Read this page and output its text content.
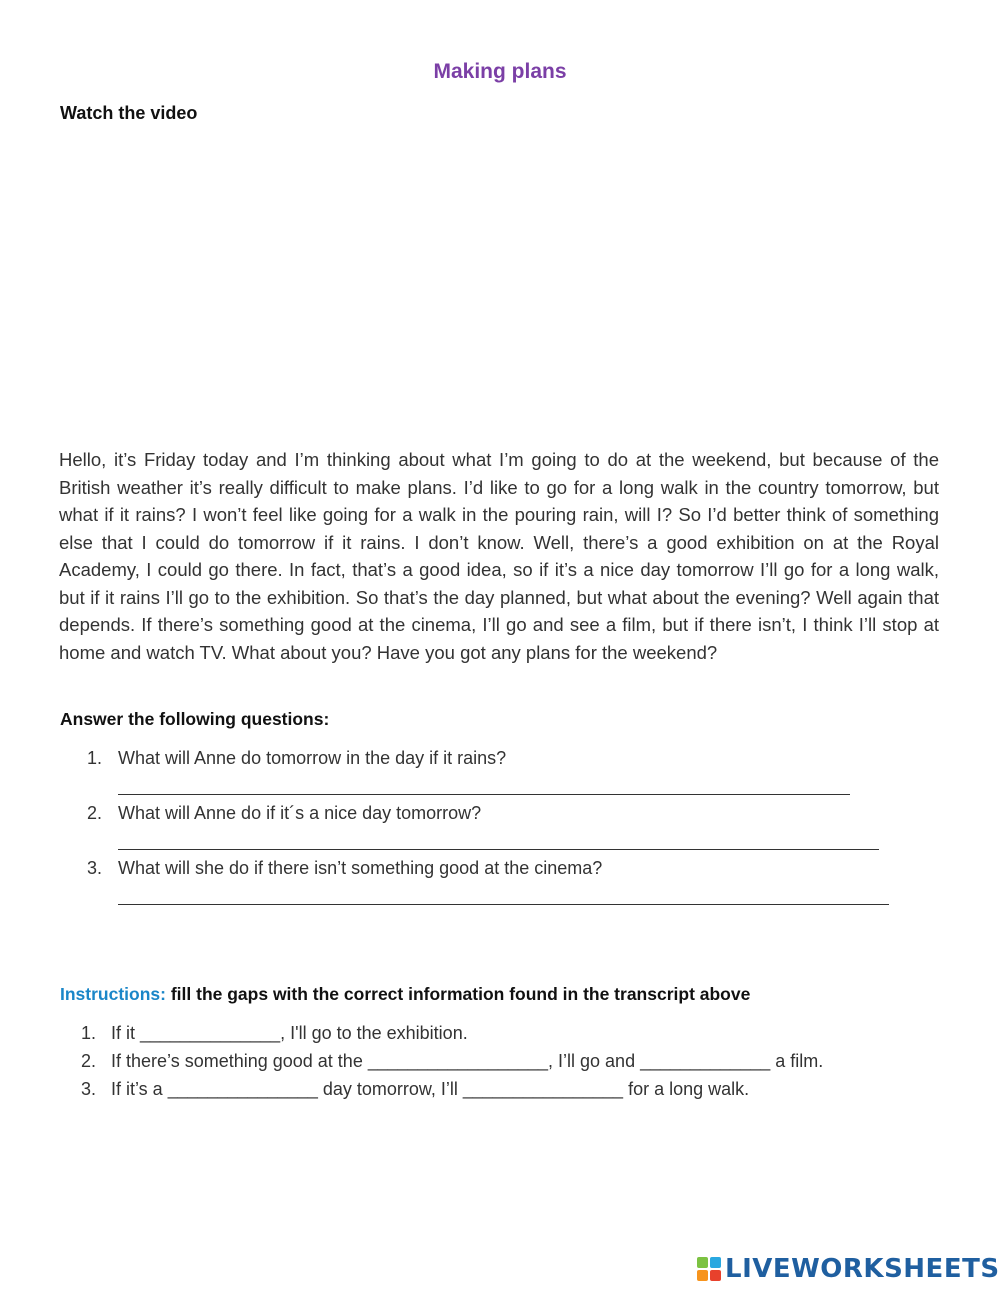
Making plans
Watch the video
Hello, it’s Friday today and I’m thinking about what I’m going to do at the weekend, but because of the British weather it’s really difficult to make plans. I’d like to go for a long walk in the country tomorrow, but what if it rains? I won’t feel like going for a walk in the pouring rain, will I? So I’d better think of something else that I could do tomorrow if it rains. I don’t know. Well, there’s a good exhibition on at the Royal Academy, I could go there. In fact, that’s a good idea, so if it’s a nice day tomorrow I’ll go for a long walk, but if it rains I’ll go to the exhibition. So that’s the day planned, but what about the evening? Well again that depends. If there’s something good at the cinema, I’ll go and see a film, but if there isn’t, I think I’ll stop at home and watch TV. What about you? Have you got any plans for the weekend?
Answer the following questions:
1. What will Anne do tomorrow in the day if it rains?
2. What will Anne do if it´s a nice day tomorrow?
3. What will she do if there isn’t something good at the cinema?
Instructions: fill the gaps with the correct information found in the transcript above
1. If it ______________, I'll go to the exhibition.
2. If there’s something good at the __________________, I’ll go and _____________ a film.
3. If it’s a _______________ day tomorrow, I’ll ________________ for a long walk.
LIVEWORKSHEETS
